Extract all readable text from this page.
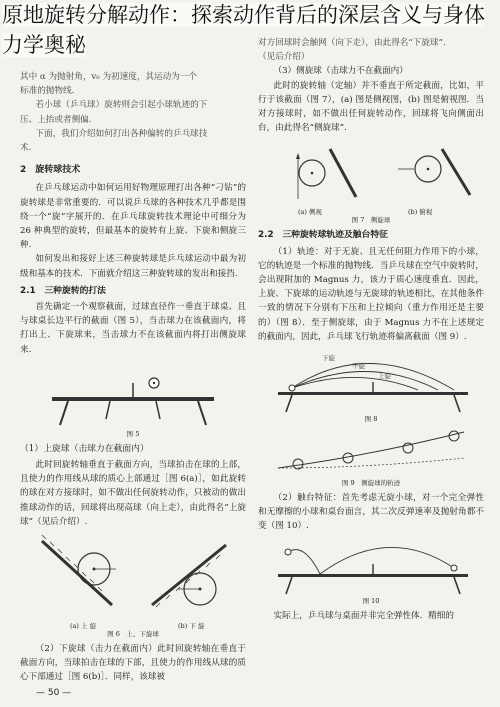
原地旋转分解动作：探索动作背后的深层含义与身体力学奥秘

其中 α 为抛射角，v₀ 为初速度，其运动为一个

标准的抛物线.

若小球（乒乓球）旋转则会引起小球轨迹的下

压、上抬或者侧偏.

下面，我们介绍如何打出各种偏转的乒乓球技

术.

2　旋转球技术

在乒乓球运动中如何运用好物理原理打出各种“刁钻”的旋转球是非常重要的．可以说乒乓球的各种技术几乎都是围绕一个“旋”字展开的．在乒乓球旋转技术理论中可细分为 26 种典型的旋转，但最基本的旋转有上旋、下旋和侧旋三种.

如何发出和接好上述三种旋转球是乒乓球运动中最为初级和基本的技术．下面就介绍这三种旋转球的发出和接挡.

2.1　三种旋转的打法

首先确定一个观察截面，过球直径作一垂直于球桌、且与球桌长边平行的截面（图 5），当击球力在该截面内，将打出上、下旋球来，当击球力不在该截面内将打出侧旋球来.

图 5
（1）上旋球（击球力在截面内）

此时回旋转轴垂直于截面方向，当球拍击在球的上部，且使力的作用线从球的质心上部通过［图 6(a)］，如此旋转的球在对方接球时，如不做出任何旋转动作，只被动的做出推球动作的话，回球将出现高球（向上走），由此得名“上旋球”（见后介绍）.

(a) 上 旋	(b) 下 旋
图 6　上、下旋球

（2）下旋球（击力在截面内）此时回旋转轴在垂直于截面方向，当球拍击在球的下部，且使力的作用线从球的质心下部通过［图 6(b)］．同样，该球被

— 50 —

对方回球时会触网（向下走），由此得名“下旋球”.

（见后介绍）

（3）侧旋球（击球力不在截面内）

此时的旋转轴（定轴）并不垂直于所定截面，比如，平行于该截面（图 7），(a) 图是侧视图，(b) 图是俯视图．当对方接球时，如不做出任何旋转动作，回球将飞向侧面出台，由此得名“侧旋球”.

(a) 侧视	(b) 俯视
图 7　侧旋球
2.2　三种旋转球轨迹及触台特征

（1）轨迹：对于无旋、且无任何阻力作用下的小球，它的轨迹是一个标准的抛物线．当乒乓球在空气中旋转时，会出现附加的 Magnus 力，该力于质心速度垂直．因此，上旋、下旋球的运动轨迹与无旋球的轨迹相比，在其他条件一致的情况下分别有下压和上拉倾向（重力作用还是主要的）（图 8）．至于侧旋球，由于 Magnus 力不在上述规定的截面内，因此，乒乓球飞行轨迹将偏离截面（图 9）.

下旋
不旋
上旋
图 8
图 9　侧旋球的轨迹

（2）触台特征：首先考虑无旋小球，对一个完全弹性和无摩擦的小球和桌台面言，其二次反弹速率及抛射角都不变（图 10）.

图 10

实际上，乒乓球与桌面并非完全弹性体．精细的
